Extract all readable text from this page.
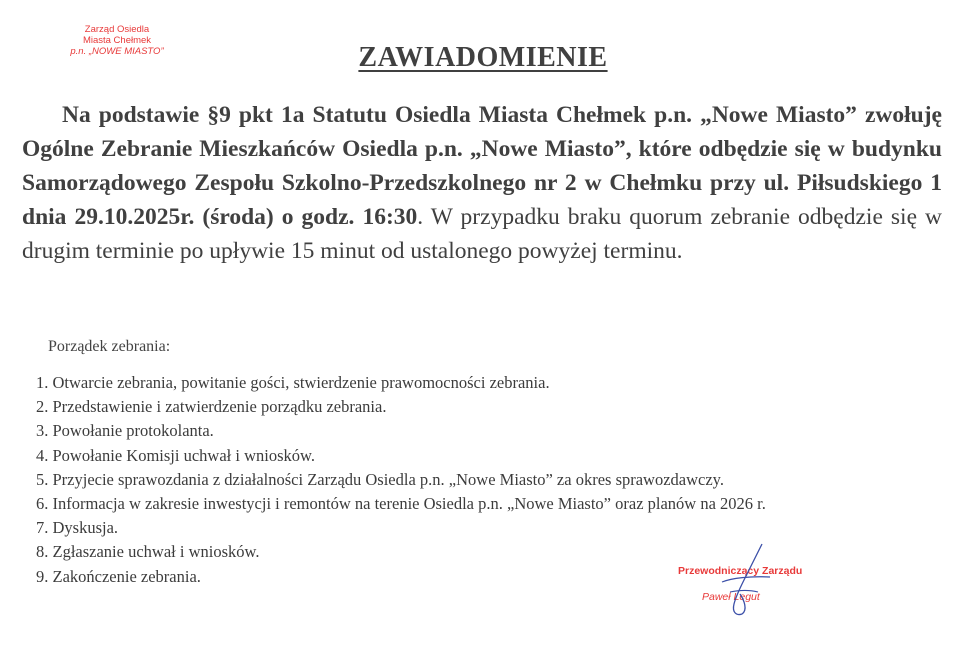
Zarząd Osiedla
Miasta Chełmek
p.n. „NOWE MIASTO”	ZAWIADOMIENIE
Na podstawie §9 pkt 1a Statutu Osiedla Miasta Chełmek p.n. „Nowe Miasto” zwołuję Ogólne Zebranie Mieszkańców Osiedla p.n. „Nowe Miasto”, które odbędzie się w budynku Samorządowego Zespołu Szkolno-Przedszkolnego nr 2 w Chełmku przy ul. Piłsudskiego 1 dnia 29.10.2025r. (środa) o godz. 16:30. W przypadku braku quorum zebranie odbędzie się w drugim terminie po upływie 15 minut od ustalonego powyżej terminu.
Porządek zebrania:
1. Otwarcie zebrania, powitanie gości, stwierdzenie prawomocności zebrania.
2. Przedstawienie i zatwierdzenie porządku zebrania.
3. Powołanie protokolanta.
4. Powołanie Komisji uchwał i wniosków.
5. Przyjecie sprawozdania z działalności Zarządu Osiedla p.n. „Nowe Miasto” za okres sprawozdawczy.
6. Informacja w zakresie inwestycji i remontów na terenie Osiedla p.n. „Nowe Miasto” oraz planów na 2026 r.
7. Dyskusja.
8. Zgłaszanie uchwał i wniosków.
9. Zakończenie zebrania.	Przewodniczący Zarządu
Paweł Legut
